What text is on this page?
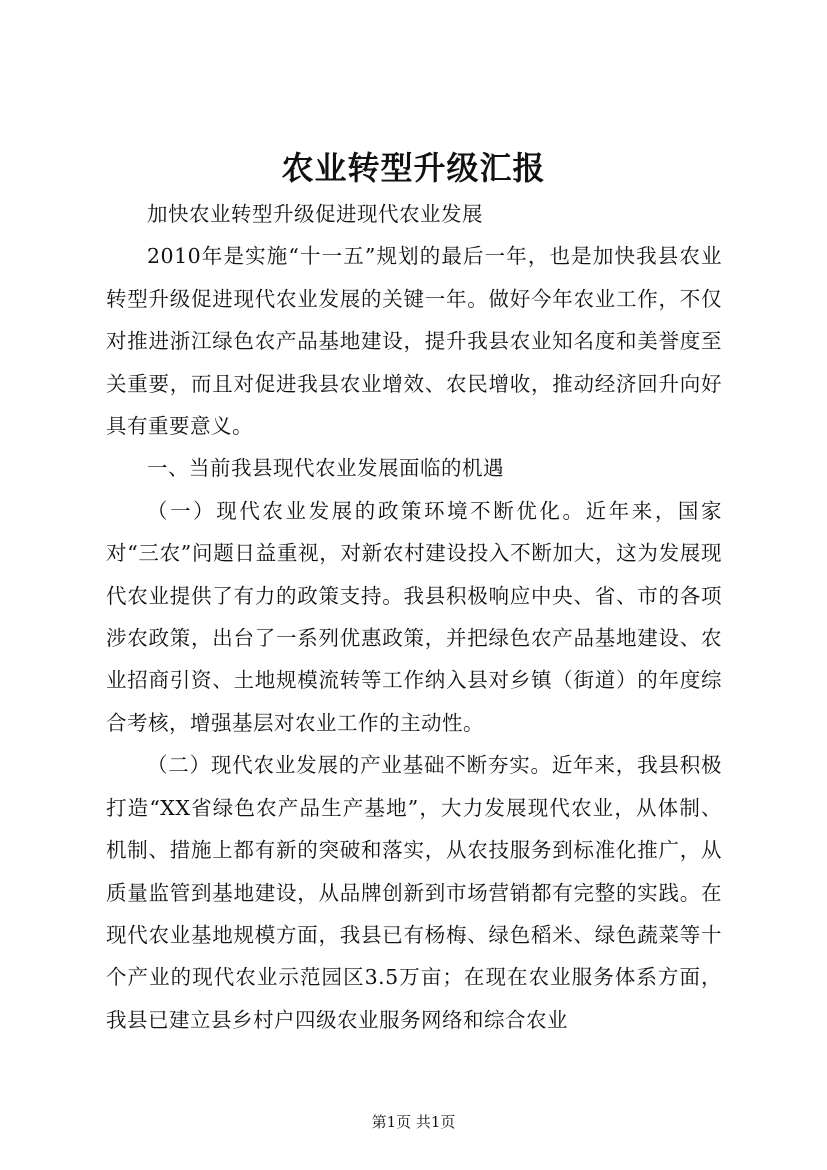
农业转型升级汇报

加快农业转型升级促进现代农业发展

2010年是实施“十一五”规划的最后一年，也是加快我县农业转型升级促进现代农业发展的关键一年。做好今年农业工作，不仅对推进浙江绿色农产品基地建设，提升我县农业知名度和美誉度至关重要，而且对促进我县农业增效、农民增收，推动经济回升向好具有重要意义。

一、当前我县现代农业发展面临的机遇

（一）现代农业发展的政策环境不断优化。近年来，国家对“三农”问题日益重视，对新农村建设投入不断加大，这为发展现代农业提供了有力的政策支持。我县积极响应中央、省、市的各项涉农政策，出台了一系列优惠政策，并把绿色农产品基地建设、农业招商引资、土地规模流转等工作纳入县对乡镇（街道）的年度综合考核，增强基层对农业工作的主动性。

（二）现代农业发展的产业基础不断夯实。近年来，我县积极打造“XX省绿色农产品生产基地”，大力发展现代农业，从体制、机制、措施上都有新的突破和落实，从农技服务到标准化推广，从质量监管到基地建设，从品牌创新到市场营销都有完整的实践。在现代农业基地规模方面，我县已有杨梅、绿色稻米、绿色蔬菜等十个产业的现代农业示范园区3.5万亩；在现在农业服务体系方面，我县已建立县乡村户四级农业服务网络和综合农业

第1页 共1页
